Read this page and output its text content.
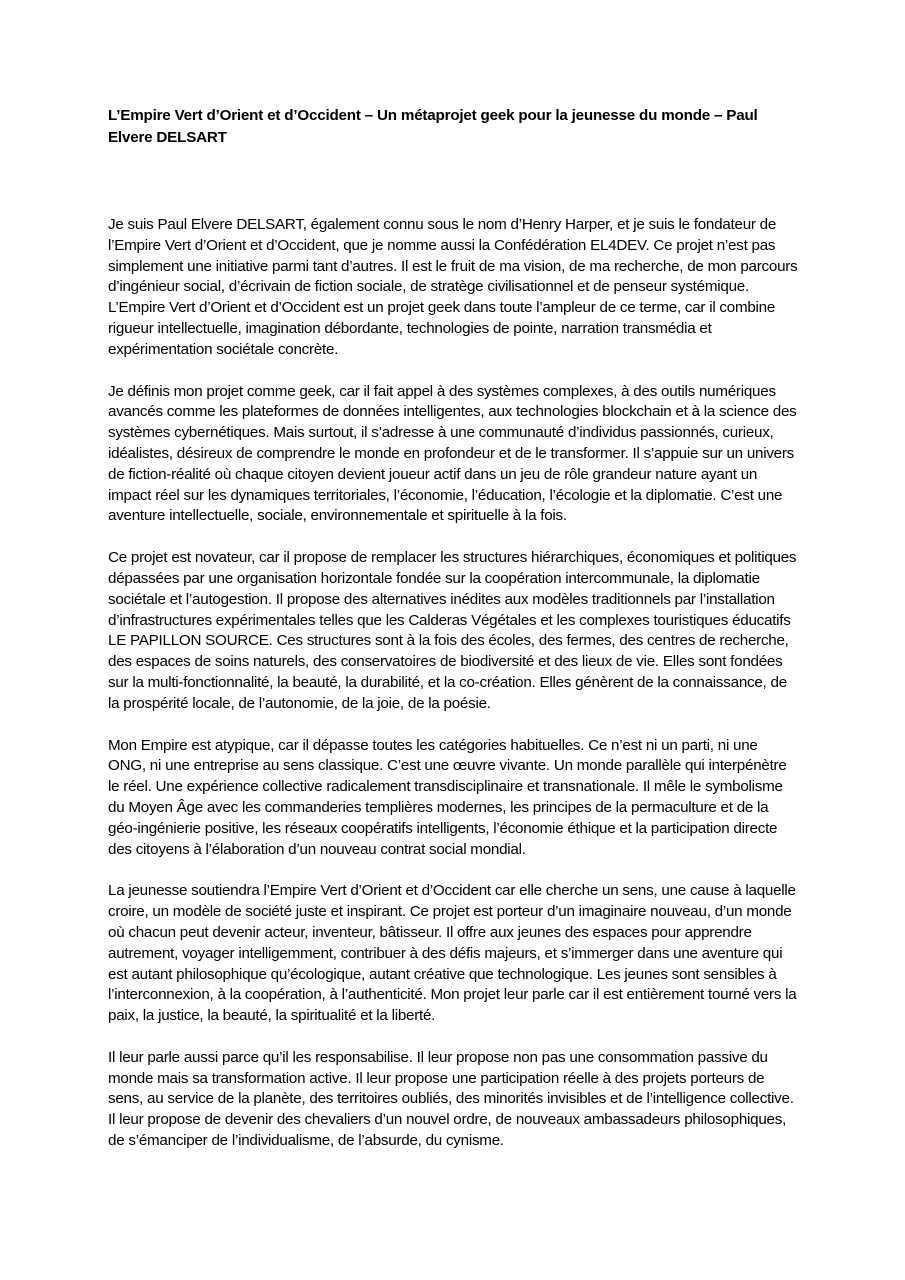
L’Empire Vert d’Orient et d’Occident – Un métaprojet geek pour la jeunesse du monde – Paul Elvere DELSART

Je suis Paul Elvere DELSART, également connu sous le nom d’Henry Harper, et je suis le fondateur de l’Empire Vert d’Orient et d’Occident, que je nomme aussi la Confédération EL4DEV. Ce projet n’est pas simplement une initiative parmi tant d’autres. Il est le fruit de ma vision, de ma recherche, de mon parcours d’ingénieur social, d’écrivain de fiction sociale, de stratège civilisationnel et de penseur systémique. L’Empire Vert d’Orient et d’Occident est un projet geek dans toute l’ampleur de ce terme, car il combine rigueur intellectuelle, imagination débordante, technologies de pointe, narration transmédia et expérimentation sociétale concrète.

Je définis mon projet comme geek, car il fait appel à des systèmes complexes, à des outils numériques avancés comme les plateformes de données intelligentes, aux technologies blockchain et à la science des systèmes cybernétiques. Mais surtout, il s’adresse à une communauté d’individus passionnés, curieux, idéalistes, désireux de comprendre le monde en profondeur et de le transformer. Il s’appuie sur un univers de fiction-réalité où chaque citoyen devient joueur actif dans un jeu de rôle grandeur nature ayant un impact réel sur les dynamiques territoriales, l’économie, l’éducation, l’écologie et la diplomatie. C’est une aventure intellectuelle, sociale, environnementale et spirituelle à la fois.

Ce projet est novateur, car il propose de remplacer les structures hiérarchiques, économiques et politiques dépassées par une organisation horizontale fondée sur la coopération intercommunale, la diplomatie sociétale et l’autogestion. Il propose des alternatives inédites aux modèles traditionnels par l’installation d’infrastructures expérimentales telles que les Calderas Végétales et les complexes touristiques éducatifs LE PAPILLON SOURCE. Ces structures sont à la fois des écoles, des fermes, des centres de recherche, des espaces de soins naturels, des conservatoires de biodiversité et des lieux de vie. Elles sont fondées sur la multi-fonctionnalité, la beauté, la durabilité, et la co-création. Elles génèrent de la connaissance, de la prospérité locale, de l’autonomie, de la joie, de la poésie.

Mon Empire est atypique, car il dépasse toutes les catégories habituelles. Ce n’est ni un parti, ni une ONG, ni une entreprise au sens classique. C’est une œuvre vivante. Un monde parallèle qui interpénètre le réel. Une expérience collective radicalement transdisciplinaire et transnationale. Il mêle le symbolisme du Moyen Âge avec les commanderies templières modernes, les principes de la permaculture et de la géo-ingénierie positive, les réseaux coopératifs intelligents, l’économie éthique et la participation directe des citoyens à l’élaboration d’un nouveau contrat social mondial.

La jeunesse soutiendra l’Empire Vert d’Orient et d’Occident car elle cherche un sens, une cause à laquelle croire, un modèle de société juste et inspirant. Ce projet est porteur d’un imaginaire nouveau, d’un monde où chacun peut devenir acteur, inventeur, bâtisseur. Il offre aux jeunes des espaces pour apprendre autrement, voyager intelligemment, contribuer à des défis majeurs, et s’immerger dans une aventure qui est autant philosophique qu’écologique, autant créative que technologique. Les jeunes sont sensibles à l’interconnexion, à la coopération, à l’authenticité. Mon projet leur parle car il est entièrement tourné vers la paix, la justice, la beauté, la spiritualité et la liberté.

Il leur parle aussi parce qu’il les responsabilise. Il leur propose non pas une consommation passive du monde mais sa transformation active. Il leur propose une participation réelle à des projets porteurs de sens, au service de la planète, des territoires oubliés, des minorités invisibles et de l’intelligence collective. Il leur propose de devenir des chevaliers d’un nouvel ordre, de nouveaux ambassadeurs philosophiques, de s’émanciper de l’individualisme, de l’absurde, du cynisme.
